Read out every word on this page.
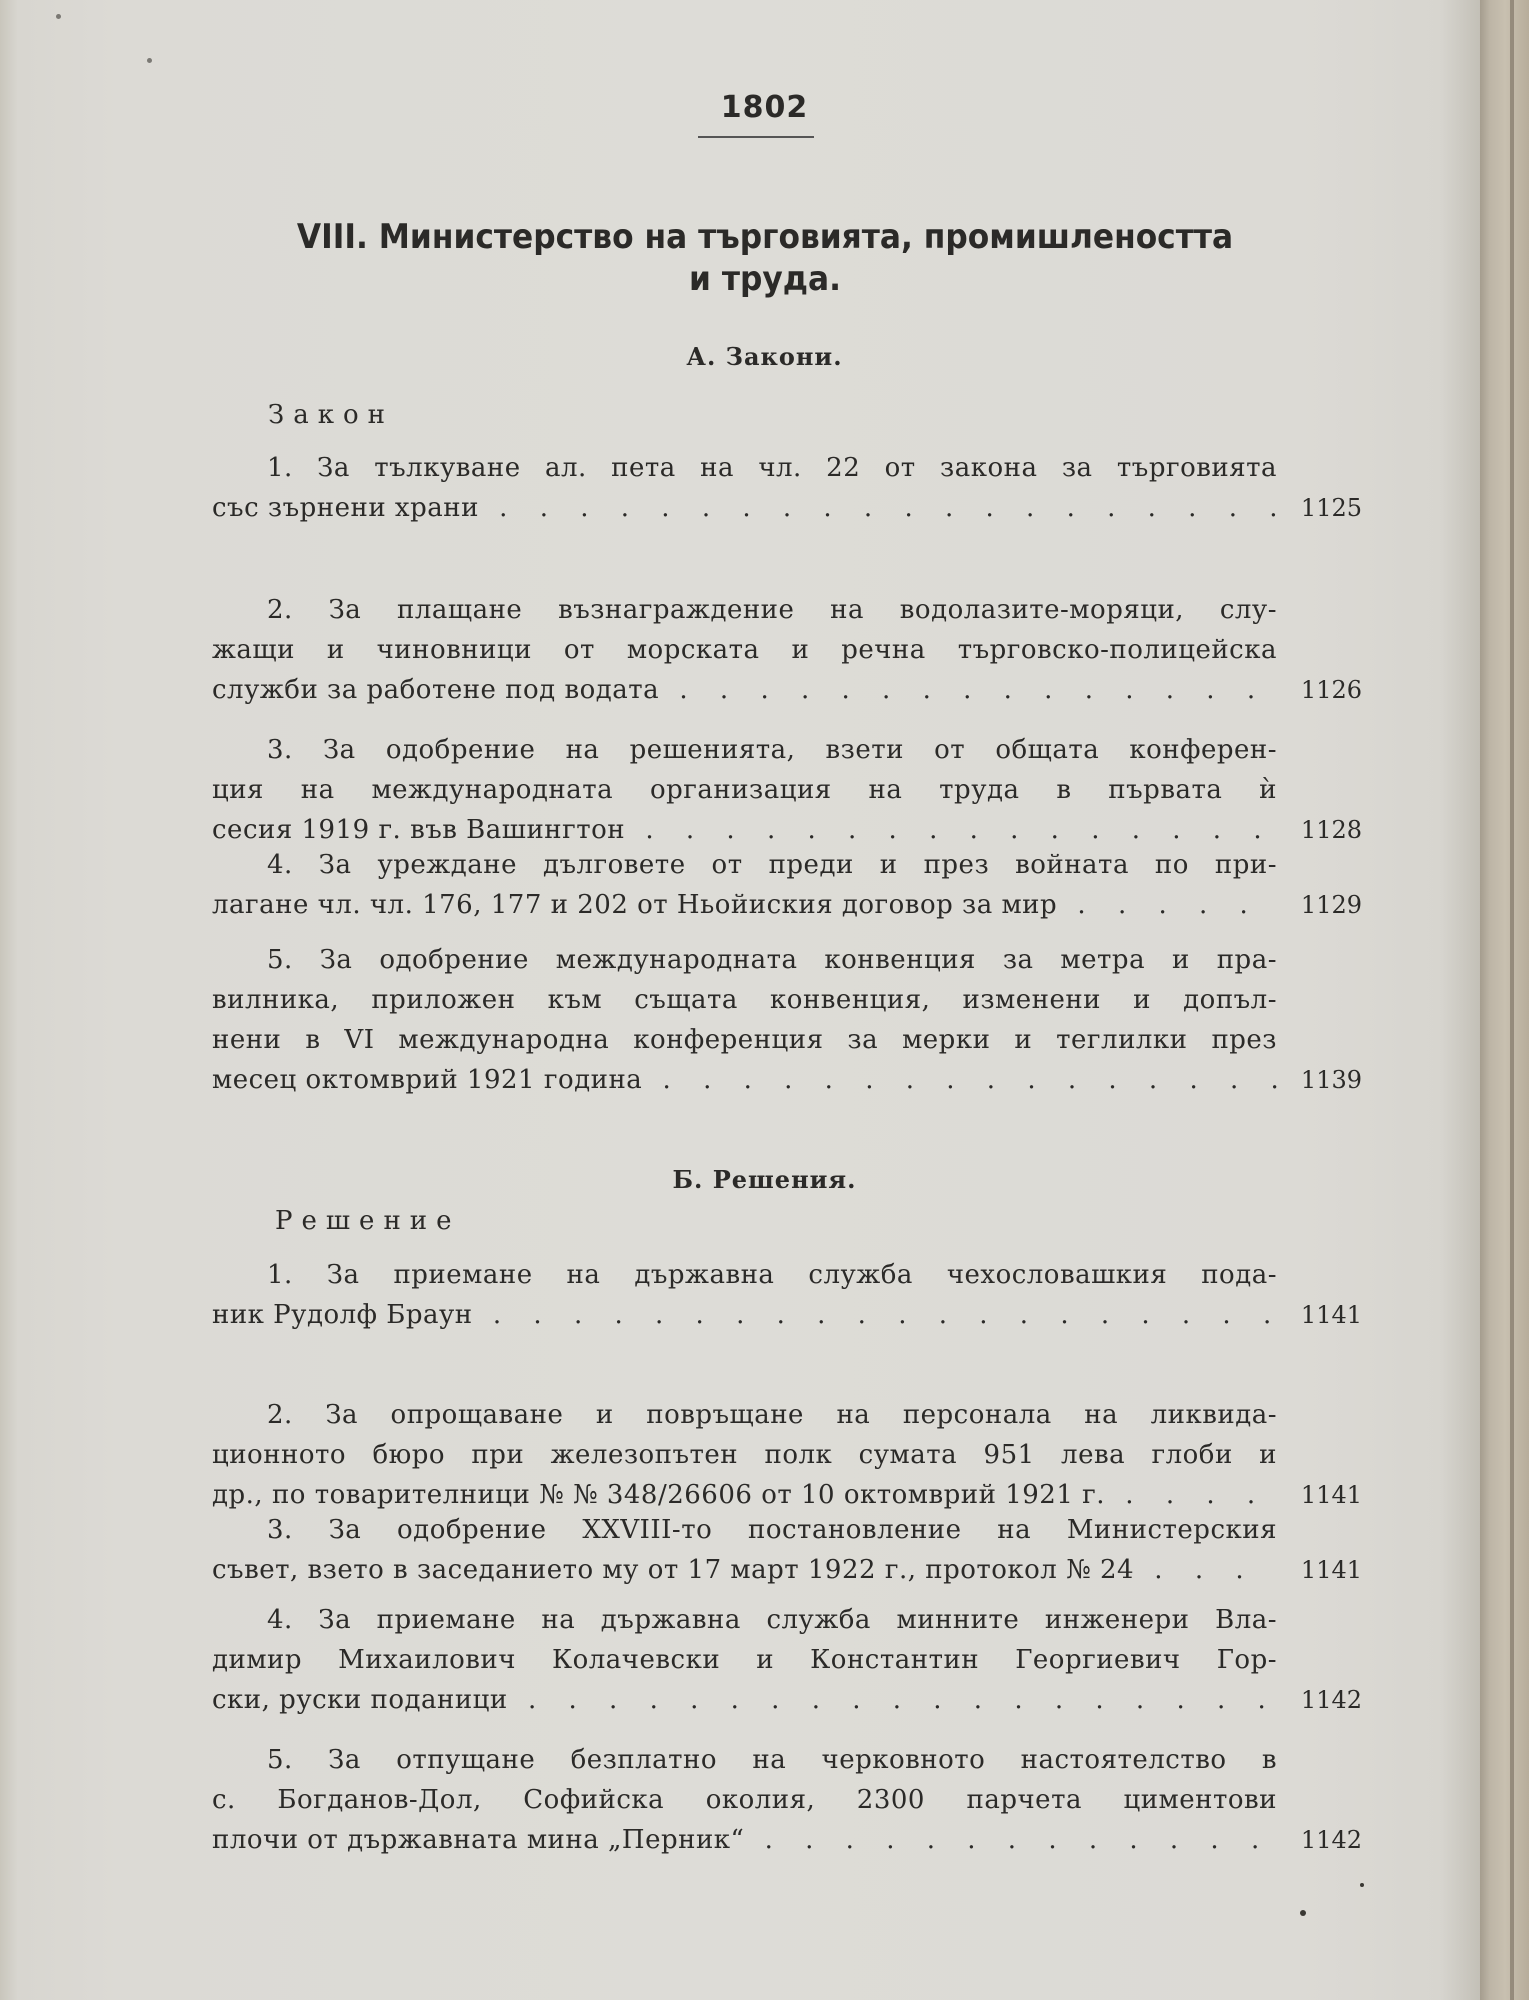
1802
VIII. Министерство на търговията, промишлеността
и труда.
А. Закони.
Закон
1. За тълкуване ал. пета на чл. 22 от закона за търговията
със зърнени храни . . .	1125
2. За плащане възнаграждение на водолазите-моряци, слу-
жащи и чиновници от морската и речна търговско-полицейска
служби за работене под водата . . .	1126
3. За одобрение на решенията, взети от общата конферен-
ция на международната организация на труда в първата ѝ
сесия 1919 г. във Вашингтон . . .	1128
4. За уреждане дълговете от преди и през войната по при-
лагане чл. чл. 176, 177 и 202 от Ньойиския договор за мир . . .	1129
5. За одобрение международната конвенция за метра и пра-
вилника, приложен към същата конвенция, изменени и допъл-
нени в VI международна конференция за мерки и теглилки през
месец октомврий 1921 година . . .	1139
Б. Решения.
Решение
1. За приемане на държавна служба чехословашкия пода-
ник Рудолф Браун . . .	1141
2. За опрощаване и повръщане на персонала на ликвида-
ционното бюро при железопътен полк сумата 951 лева глоби и
др., по товарителници № № 348/26606 от 10 октомврий 1921 г. . . .	1141
3. За одобрение XXVIII-то постановление на Министерския
съвет, взето в заседанието му от 17 март 1922 г., протокол № 24 . . .	1141
4. За приемане на държавна служба минните инженери Вла-
димир Михаилович Колачевски и Константин Георгиевич Гор-
ски, руски поданици . . .	1142
5. За отпущане безплатно на черковното настоятелство в
с. Богданов-Дол, Софийска околия, 2300 парчета циментови
плочи от държавната мина „Перник“ . . .	1142
